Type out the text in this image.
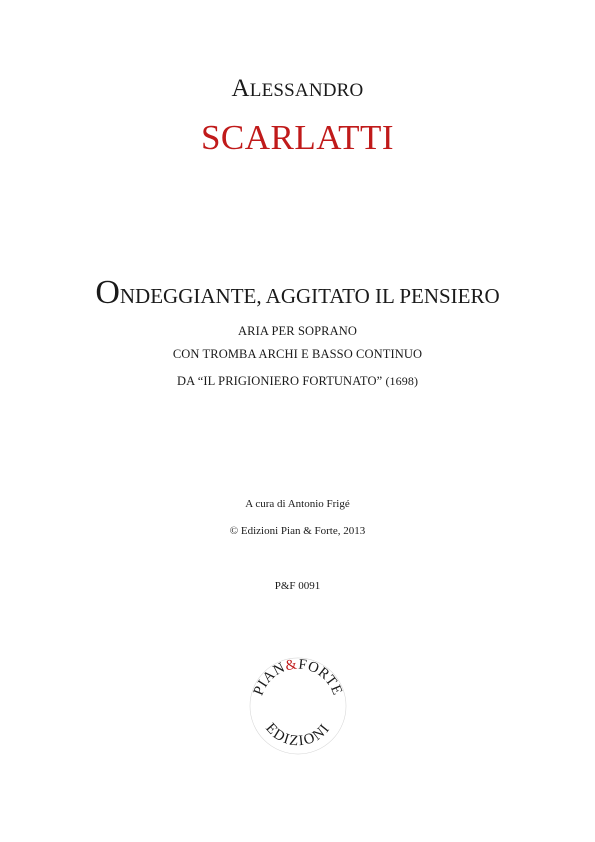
ALESSANDRO
SCARLATTI
ONDEGGIANTE, AGGITATO IL PENSIERO
ARIA PER SOPRANO
CON TROMBA ARCHI E BASSO CONTINUO
DA “IL PRIGIONIERO FORTUNATO” (1698)
A cura di Antonio Frigé
© Edizioni Pian & Forte, 2013
P&F 0091
PIAN&FORTE
EDIZIONI
